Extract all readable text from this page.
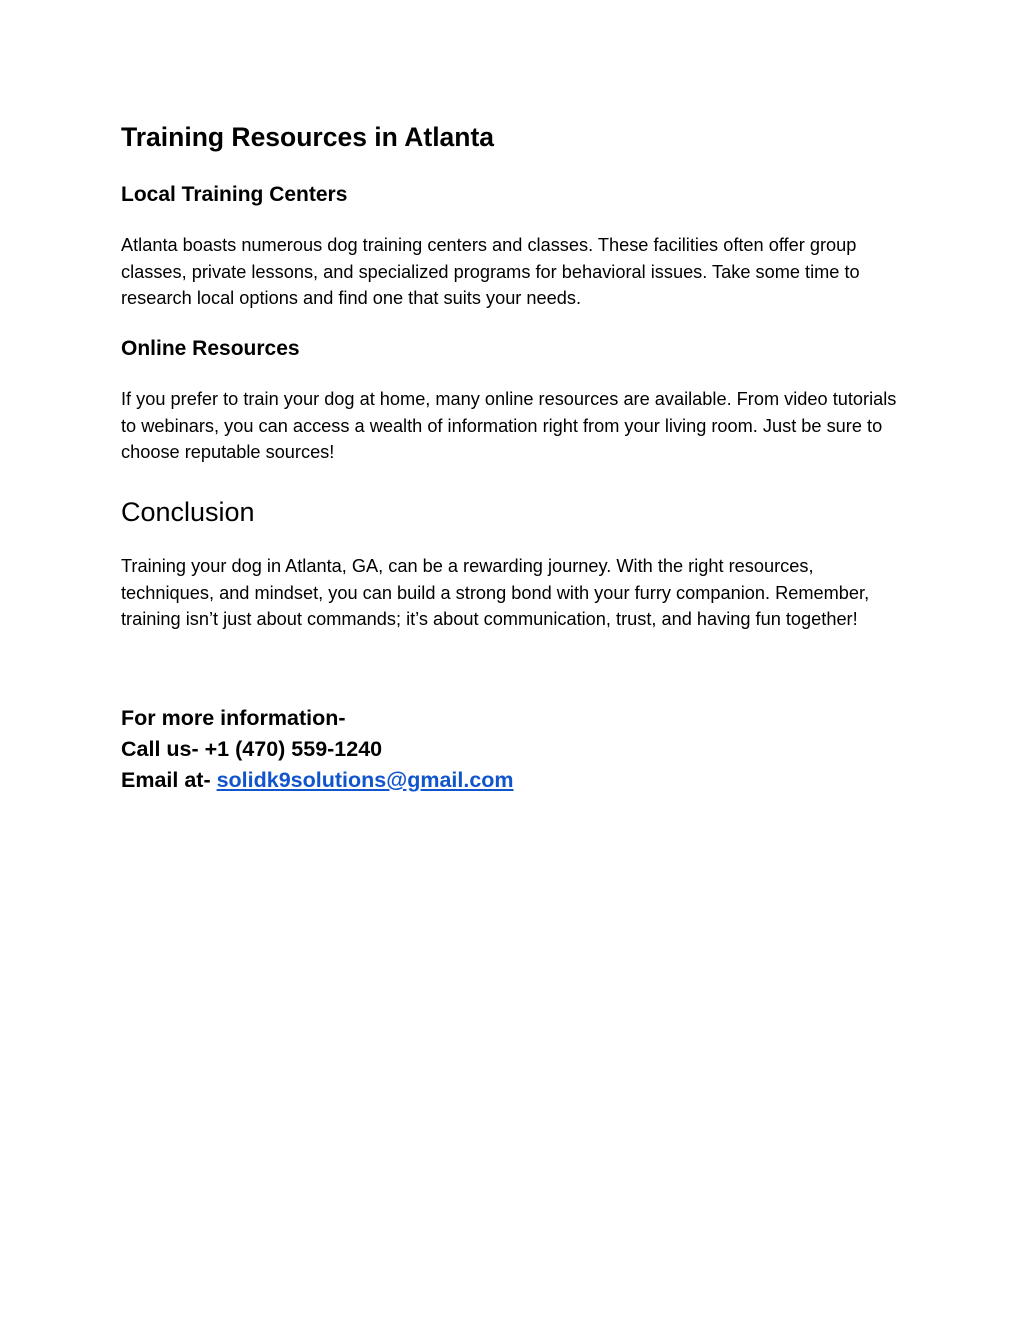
Training Resources in Atlanta
Local Training Centers

Atlanta boasts numerous dog training centers and classes. These facilities often offer group classes, private lessons, and specialized programs for behavioral issues. Take some time to research local options and find one that suits your needs.

Online Resources

If you prefer to train your dog at home, many online resources are available. From video tutorials to webinars, you can access a wealth of information right from your living room. Just be sure to choose reputable sources!

Conclusion

Training your dog in Atlanta, GA, can be a rewarding journey. With the right resources, techniques, and mindset, you can build a strong bond with your furry companion. Remember, training isn’t just about commands; it’s about communication, trust, and having fun together!

For more information-
Call us- +1 (470) 559-1240
Email at- solidk9solutions@gmail.com
